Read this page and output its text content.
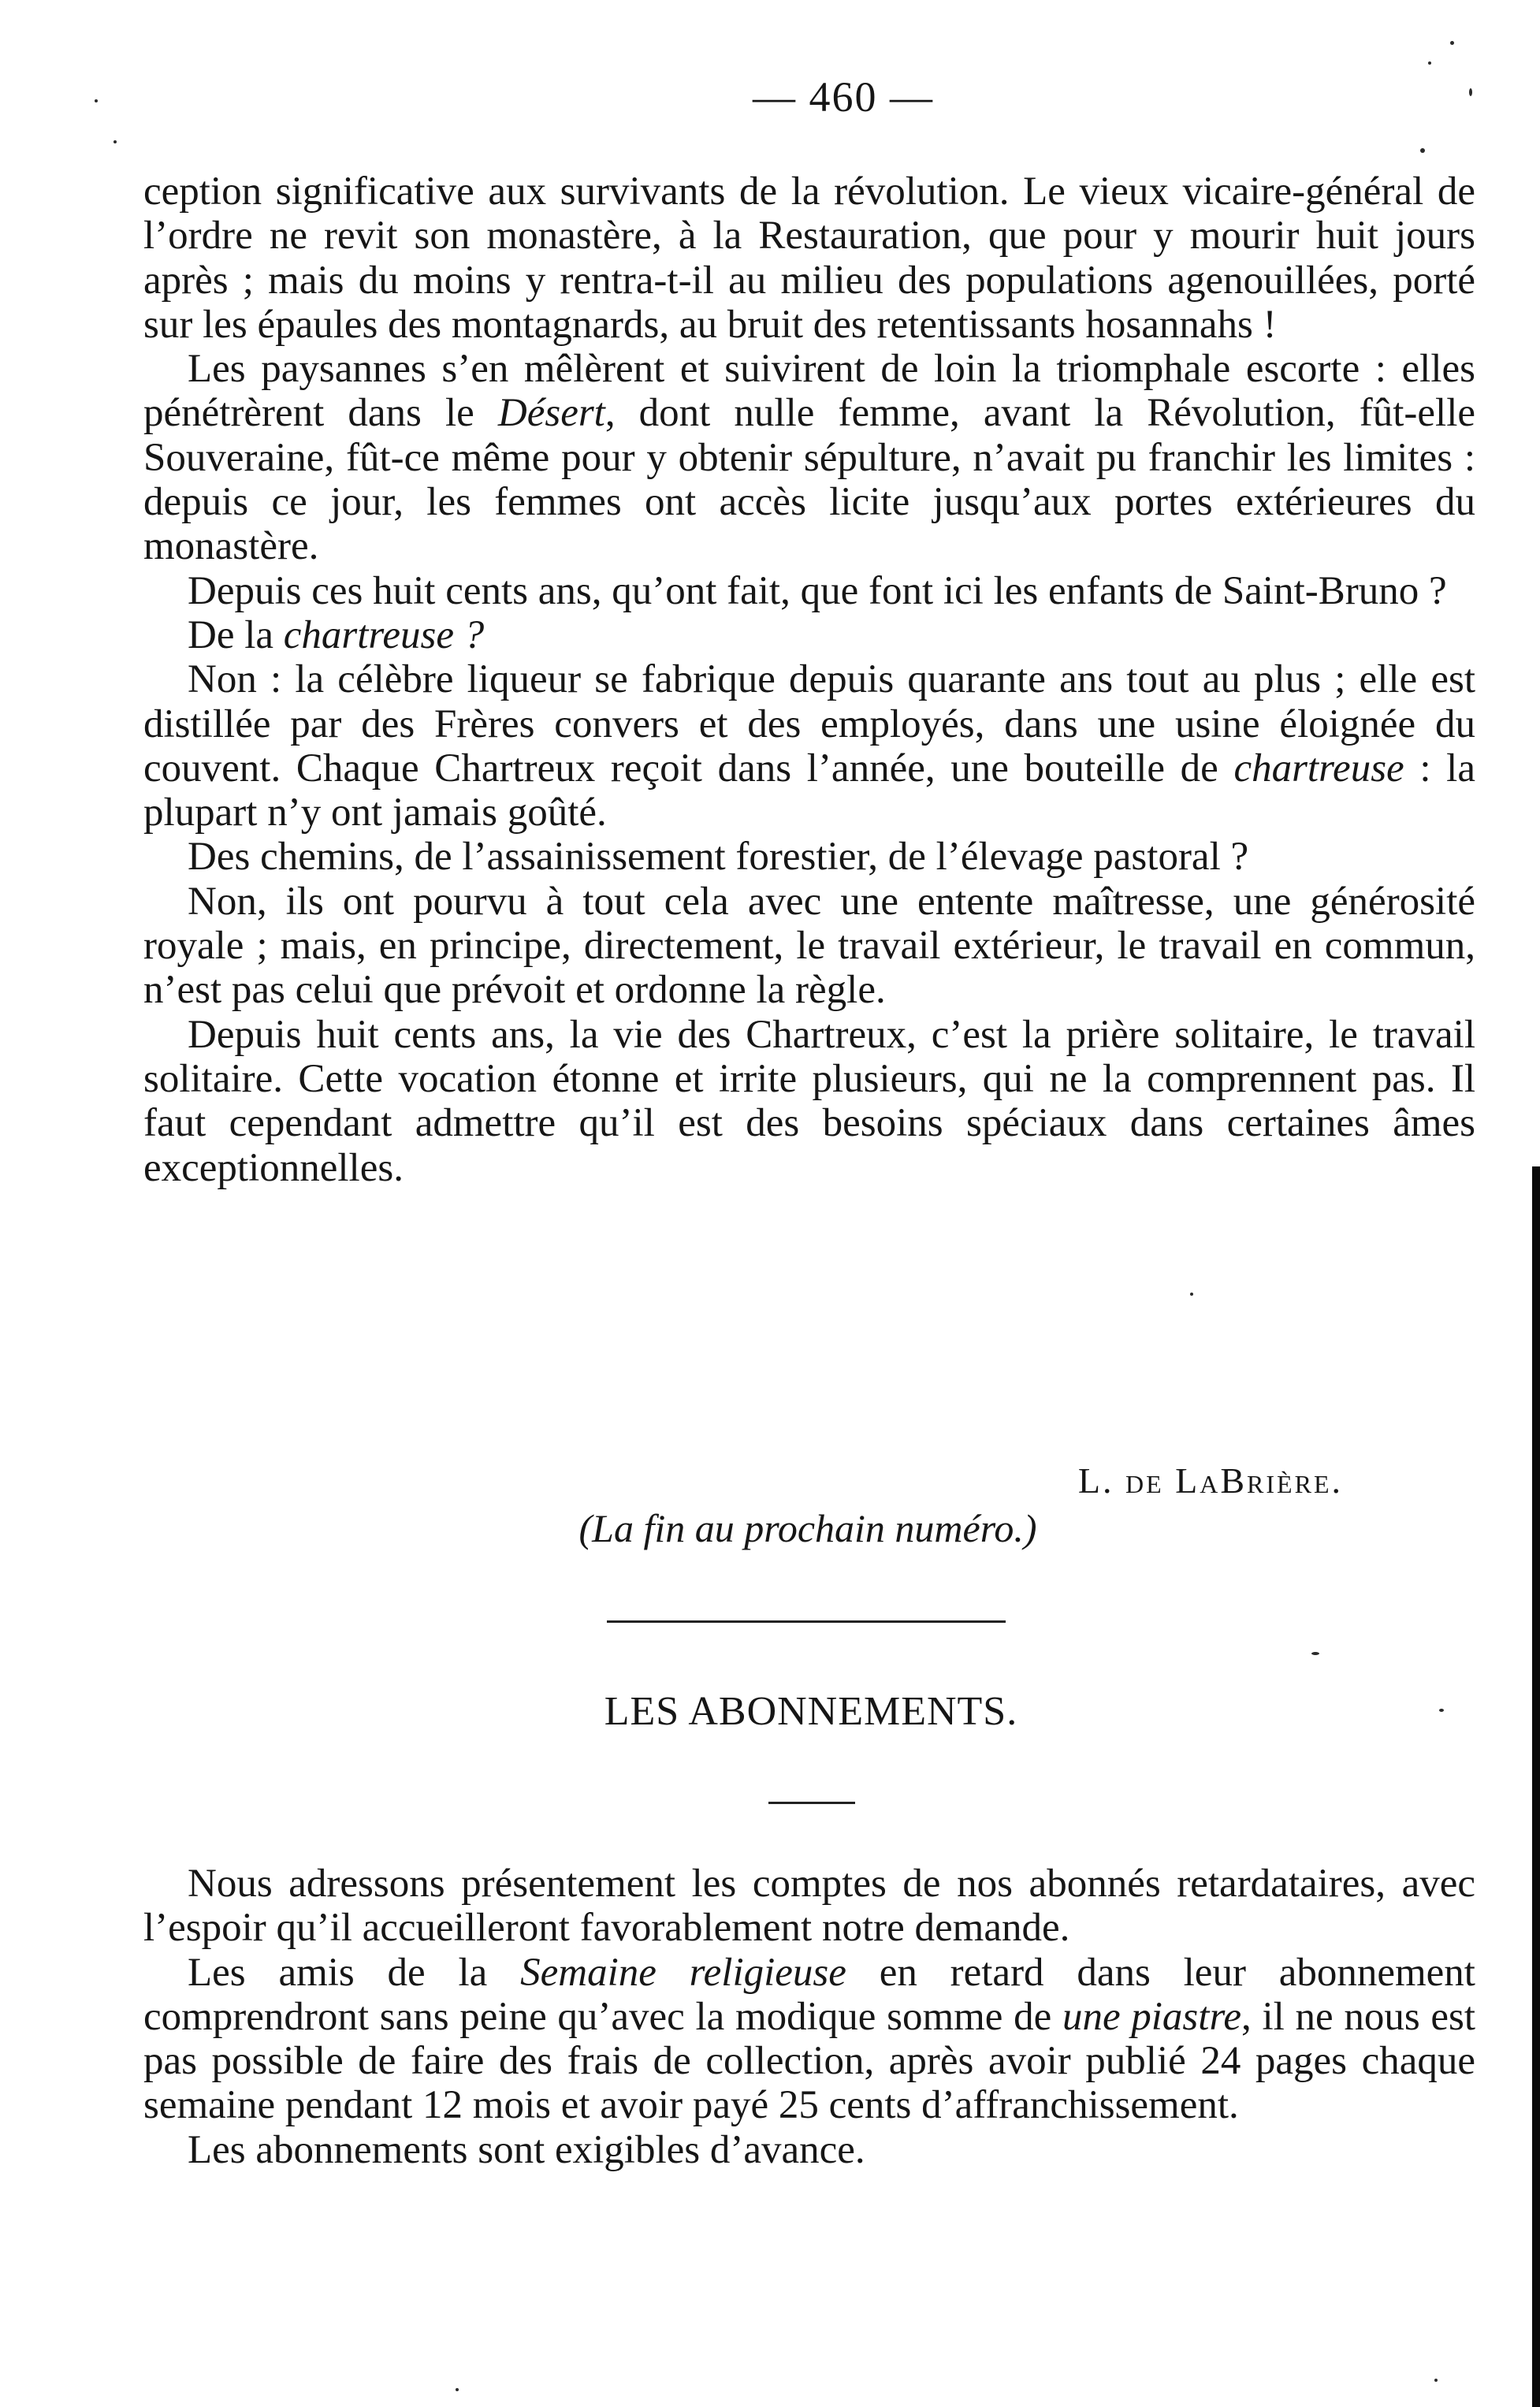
— 460 —

ception significative aux survivants de la révolution. Le vieux vicaire-général de l’ordre ne revit son monastère, à la Restauration, que pour y mourir huit jours après ; mais du moins y rentra-t-il au milieu des populations agenouillées, porté sur les épaules des montagnards, au bruit des retentissants hosannahs !

Les paysannes s’en mêlèrent et suivirent de loin la triomphale escorte : elles pénétrèrent dans le Désert, dont nulle femme, avant la Révolution, fût-elle Souveraine, fût-ce même pour y obtenir sépulture, n’avait pu franchir les limites : depuis ce jour, les femmes ont accès licite jusqu’aux portes extérieures du monastère.

Depuis ces huit cents ans, qu’ont fait, que font ici les enfants de Saint-Bruno ?

De la chartreuse ?

Non : la célèbre liqueur se fabrique depuis quarante ans tout au plus ; elle est distillée par des Frères convers et des employés, dans une usine éloignée du couvent. Chaque Chartreux reçoit dans l’année, une bouteille de chartreuse : la plupart n’y ont jamais goûté.

Des chemins, de l’assainissement forestier, de l’élevage pastoral ?

Non, ils ont pourvu à tout cela avec une entente maîtresse, une générosité royale ; mais, en principe, directement, le travail extérieur, le travail en commun, n’est pas celui que prévoit et ordonne la règle.

Depuis huit cents ans, la vie des Chartreux, c’est la prière solitaire, le travail solitaire. Cette vocation étonne et irrite plusieurs, qui ne la comprennent pas. Il faut cependant admettre qu’il est des besoins spéciaux dans certaines âmes exceptionnelles.

L. de LaBrière.
(La fin au prochain numéro.)
LES ABONNEMENTS.

Nous adressons présentement les comptes de nos abonnés retardataires, avec l’espoir qu’il accueilleront favorablement notre demande.

Les amis de la Semaine religieuse en retard dans leur abonnement comprendront sans peine qu’avec la modique somme de une piastre, il ne nous est pas possible de faire des frais de collection, après avoir publié 24 pages chaque semaine pendant 12 mois et avoir payé 25 cents d’affranchissement.

Les abonnements sont exigibles d’avance.
